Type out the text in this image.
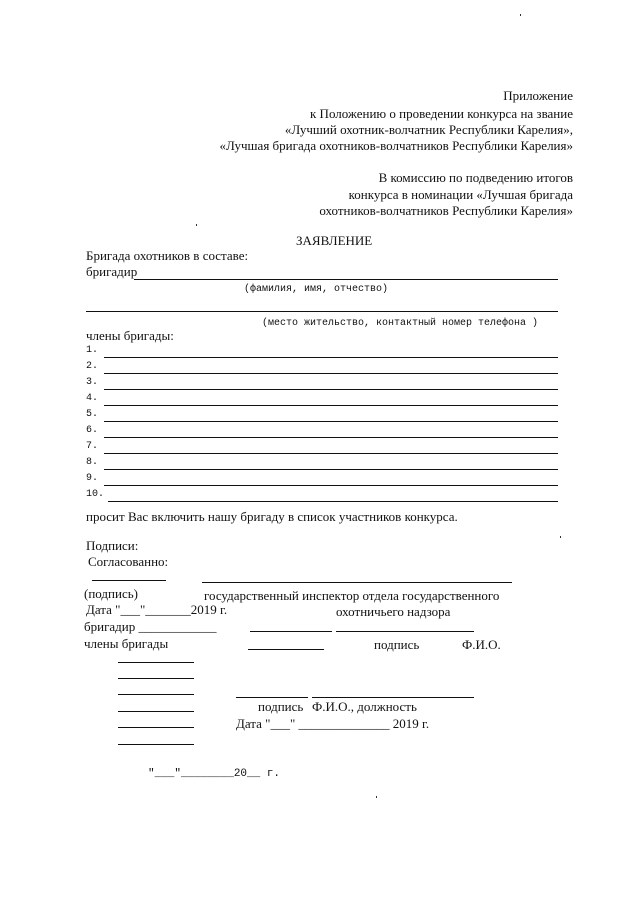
Приложение
к Положению о проведении конкурса на звание
«Лучший охотник-волчатник Республики Карелия»,
«Лучшая бригада охотников-волчатников Республики Карелия»
В комиссию по подведению итогов
конкурса в номинации «Лучшая бригада
охотников-волчатников Республики Карелия»
ЗАЯВЛЕНИЕ
Бригада охотников в составе:
бригадир
(фамилия, имя, отчество)
(место жительство, контактный номер телефона )
члены бригады:
1.
2.
3.
4.
5.
6.
7.
8.
9.
10.
просит Вас включить нашу бригаду в список участников конкурса.
Подписи:
Согласованно:
(подпись)	государственный инспектор отдела государственного
Дата "___"_______2019 г.	охотничьего надзора
бригадир ____________
члены бригады	подпись	Ф.И.О.
подпись Ф.И.О., должность
Дата "___" ______________ 2019 г.
"___"________20__ г.
